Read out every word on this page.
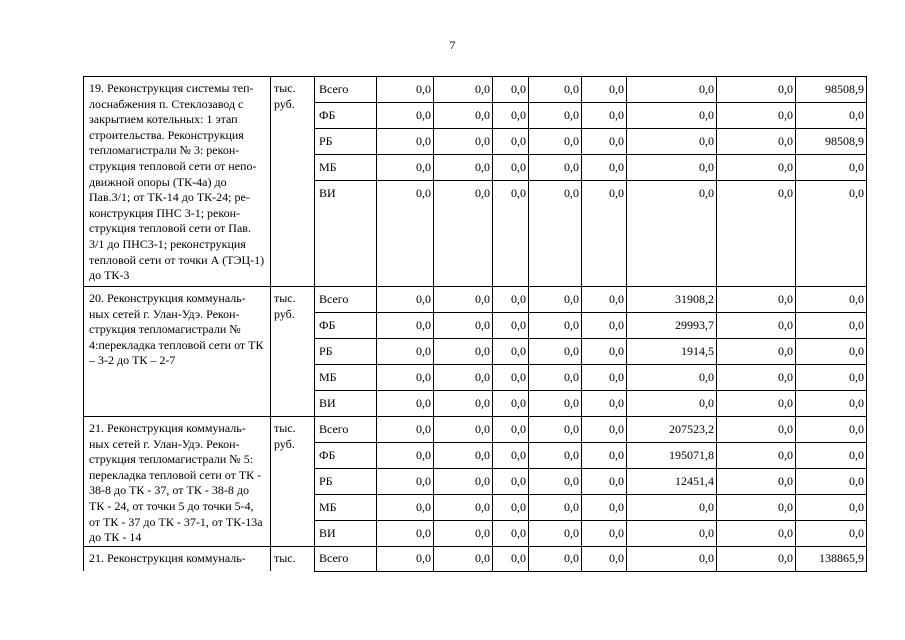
7
19. Реконструкция системы теп-лоснабжения п. Стеклозавод с закрытием котельных: 1 этап строительства. Реконструкция тепломагистрали № 3: рекон-струкция тепловой сети от непо-движной опоры (ТК-4а) до Пав.3/1; от ТК-14 до ТК-24; ре-конструкция ПНС 3-1; рекон-струкция тепловой сети от Пав. 3/1 до ПНС3-1; реконструкция тепловой сети от точки А (ТЭЦ-1) до ТК-3	тыс. руб.	Всего	0,0	0,0	0,0	0,0	0,0	0,0	0,0	98508,9
		ФБ	0,0	0,0	0,0	0,0	0,0	0,0	0,0	0,0
		РБ	0,0	0,0	0,0	0,0	0,0	0,0	0,0	98508,9
		МБ	0,0	0,0	0,0	0,0	0,0	0,0	0,0	0,0
		ВИ	0,0	0,0	0,0	0,0	0,0	0,0	0,0	0,0
20. Реконструкция коммуналь-ных сетей г. Улан-Удэ. Рекон-струкция тепломагистрали № 4:перекладка тепловой сети от ТК – 3-2 до ТК – 2-7	тыс. руб.	Всего	0,0	0,0	0,0	0,0	0,0	31908,2	0,0	0,0
		ФБ	0,0	0,0	0,0	0,0	0,0	29993,7	0,0	0,0
		РБ	0,0	0,0	0,0	0,0	0,0	1914,5	0,0	0,0
		МБ	0,0	0,0	0,0	0,0	0,0	0,0	0,0	0,0
		ВИ	0,0	0,0	0,0	0,0	0,0	0,0	0,0	0,0
21. Реконструкция коммуналь-ных сетей г. Улан-Удэ. Рекон-струкция тепломагистрали № 5: перекладка тепловой сети от ТК - 38-8 до ТК - 37, от ТК - 38-8 до ТК - 24, от точки 5 до точки 5-4, от ТК - 37 до ТК - 37-1, от ТК-13а до ТК - 14	тыс. руб.	Всего	0,0	0,0	0,0	0,0	0,0	207523,2	0,0	0,0
		ФБ	0,0	0,0	0,0	0,0	0,0	195071,8	0,0	0,0
		РБ	0,0	0,0	0,0	0,0	0,0	12451,4	0,0	0,0
		МБ	0,0	0,0	0,0	0,0	0,0	0,0	0,0	0,0
		ВИ	0,0	0,0	0,0	0,0	0,0	0,0	0,0	0,0
21. Реконструкция коммуналь-	тыс.	Всего	0,0	0,0	0,0	0,0	0,0	0,0	0,0	138865,9
